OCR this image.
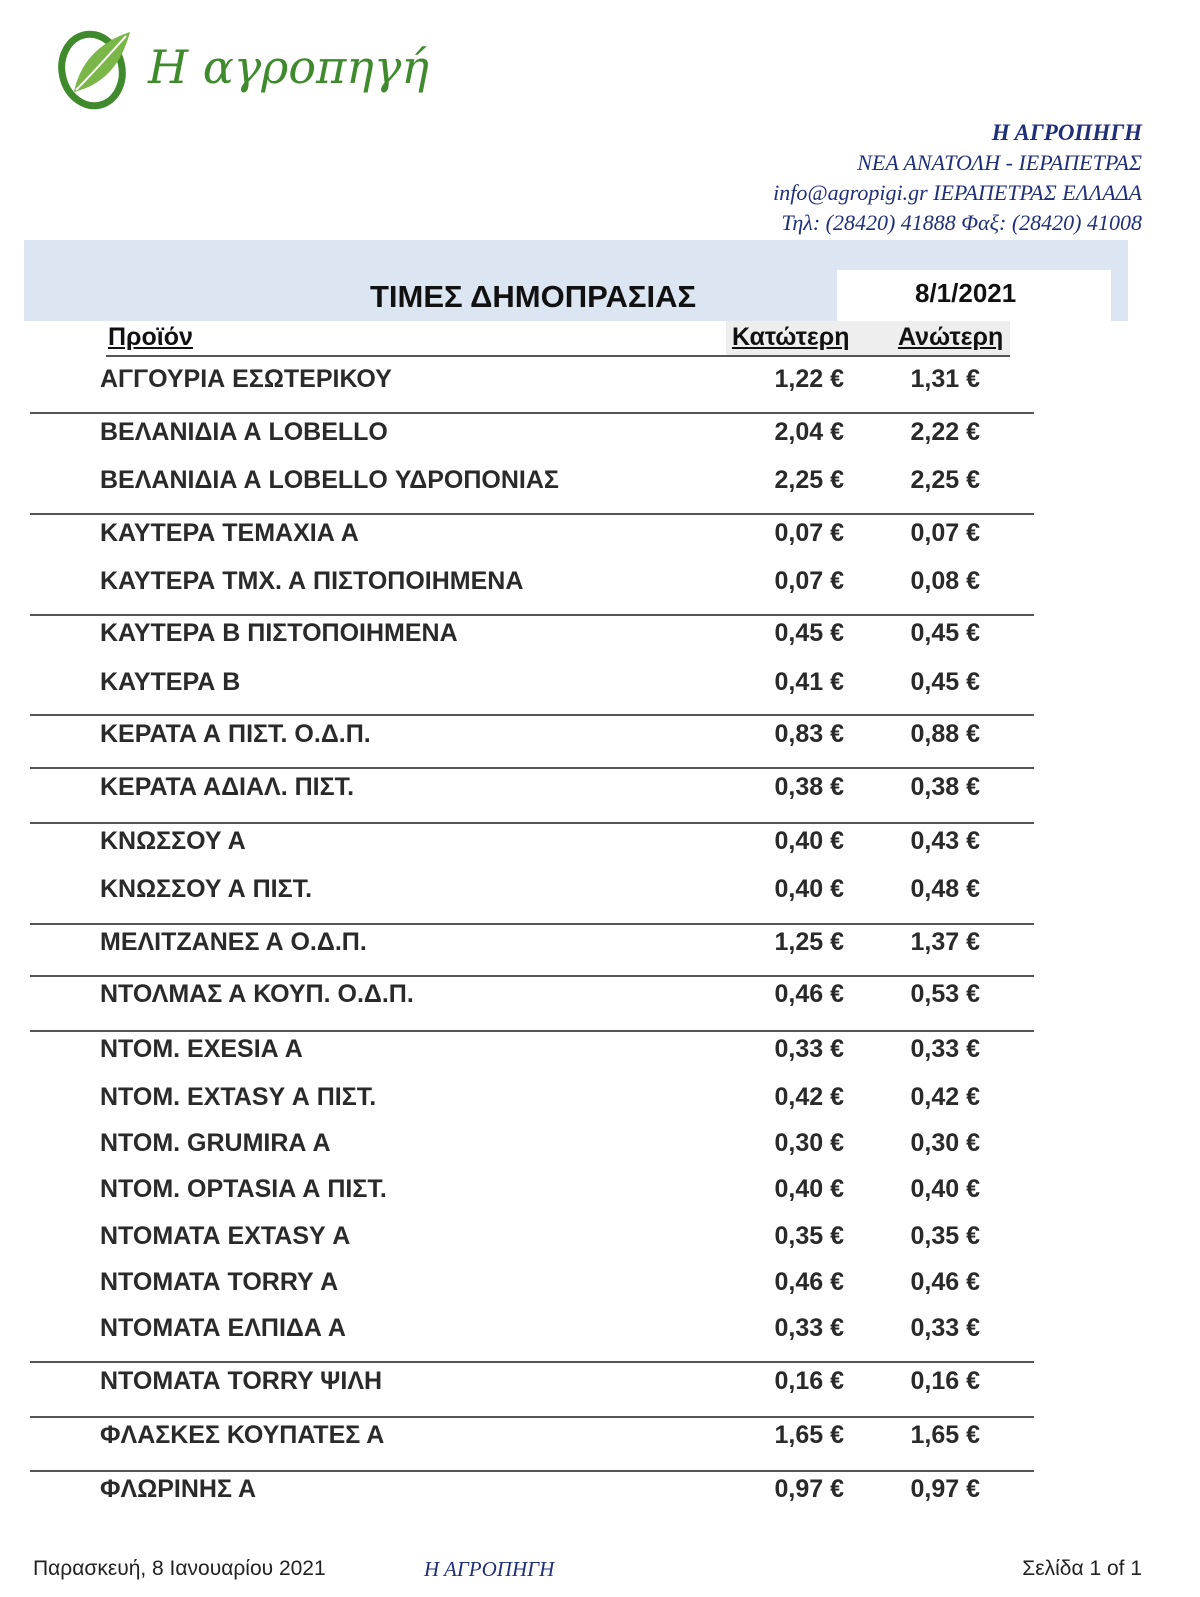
Η αγροπηγή
Η ΑΓΡΟΠΗΓΗ
ΝΕΑ ΑΝΑΤΟΛΗ - ΙΕΡΑΠΕΤΡΑΣ
info@agropigi.gr ΙΕΡΑΠΕΤΡΑΣ ΕΛΛΑΔΑ
Τηλ: (28420) 41888 Φαξ: (28420) 41008
ΤΙΜΕΣ ΔΗΜΟΠΡΑΣΙΑΣ	8/1/2021
Προϊόν	Κατώτερη Ανώτερη
ΑΓΓΟΥΡΙΑ ΕΣΩΤΕΡΙΚΟΥ	1,22 €	1,31 €
ΒΕΛΑΝΙΔΙΑ Α LOBELLO	2,04 €	2,22 €
ΒΕΛΑΝΙΔΙΑ Α LOBELLO ΥΔΡΟΠΟΝΙΑΣ	2,25 €	2,25 €
ΚΑΥΤΕΡΑ ΤΕΜΑΧΙΑ Α	0,07 €	0,07 €
ΚΑΥΤΕΡΑ ΤΜΧ. Α ΠΙΣΤΟΠΟΙΗΜΕΝΑ	0,07 €	0,08 €
ΚΑΥΤΕΡΑ Β ΠΙΣΤΟΠΟΙΗΜΕΝΑ	0,45 €	0,45 €
ΚΑΥΤΕΡΑ Β	0,41 €	0,45 €
ΚΕΡΑΤΑ Α ΠΙΣΤ. Ο.Δ.Π.	0,83 €	0,88 €
ΚΕΡΑΤΑ ΑΔΙΑΛ. ΠΙΣΤ.	0,38 €	0,38 €
ΚΝΩΣΣΟΥ Α	0,40 €	0,43 €
ΚΝΩΣΣΟΥ Α ΠΙΣΤ.	0,40 €	0,48 €
ΜΕΛΙΤΖΑΝΕΣ Α Ο.Δ.Π.	1,25 €	1,37 €
ΝΤΟΛΜΑΣ Α ΚΟΥΠ. Ο.Δ.Π.	0,46 €	0,53 €
ΝΤΟΜ. EXESIA Α	0,33 €	0,33 €
ΝΤΟΜ. EXTASY Α ΠΙΣΤ.	0,42 €	0,42 €
ΝΤΟΜ. GRUMIRA Α	0,30 €	0,30 €
ΝΤΟΜ. OPTASIA Α ΠΙΣΤ.	0,40 €	0,40 €
ΝΤΟΜΑΤΑ EXTASY Α	0,35 €	0,35 €
ΝΤΟΜΑΤΑ TORRY Α	0,46 €	0,46 €
ΝΤΟΜΑΤΑ ΕΛΠΙΔΑ Α	0,33 €	0,33 €
ΝΤΟΜΑΤΑ TORRY ΨΙΛΗ	0,16 €	0,16 €
ΦΛΑΣΚΕΣ ΚΟΥΠΑΤΕΣ Α	1,65 €	1,65 €
ΦΛΩΡΙΝΗΣ Α	0,97 €	0,97 €
Παρασκευή, 8 Ιανουαρίου 2021	Η ΑΓΡΟΠΗΓΗ	Σελίδα 1 of 1
